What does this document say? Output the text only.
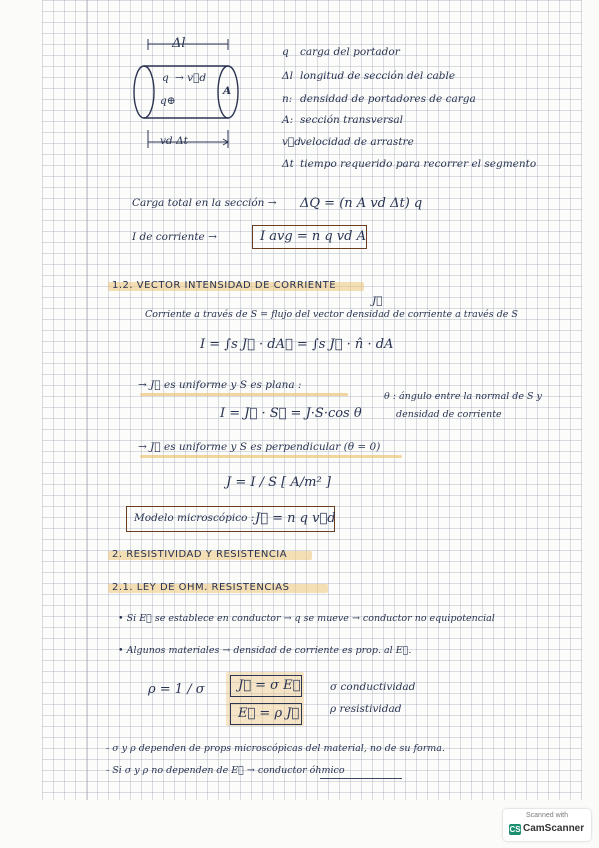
Δl
q → v⃗d
q⊕
A
vd Δt
q carga del portador
Δl longitud de sección del cable
n: densidad de portadores de carga
A: sección transversal
v⃗d velocidad de arrastre
Δt tiempo requerido para recorrer el segmento
Carga total en la sección → ΔQ = (n A vd Δt) q
I de corriente →	I avg = n q vd A
1.2. VECTOR INTENSIDAD DE CORRIENTE
J⃗
Corriente a través de S = flujo del vector densidad de corriente a través de S
I = ∫s J⃗ · dA⃗ = ∫s J⃗ · n̂ · dA
→ J⃗ es uniforme y S es plana :
I = J⃗ · S⃗ = J·S·cos θ
θ : ángulo entre la normal de S y
densidad de corriente
→ J⃗ es uniforme y S es perpendicular (θ = 0)
J = I / S [ A/m² ]
Modelo microscópico : J⃗ = n q v⃗d
2. RESISTIVIDAD Y RESISTENCIA
2.1. LEY DE OHM. RESISTENCIAS
• Si E⃗ se establece en conductor → q se mueve → conductor no equipotencial
• Algunos materiales → densidad de corriente es prop. al E⃗.
ρ = 1 / σ	J⃗ = σ E⃗
E⃗ = ρ J⃗
σ conductividad
ρ resistividad
- σ y ρ dependen de props microscópicas del material, no de su forma.
- Si σ y ρ no dependen de E⃗ → conductor óhmico
Scanned with
CS CamScanner
